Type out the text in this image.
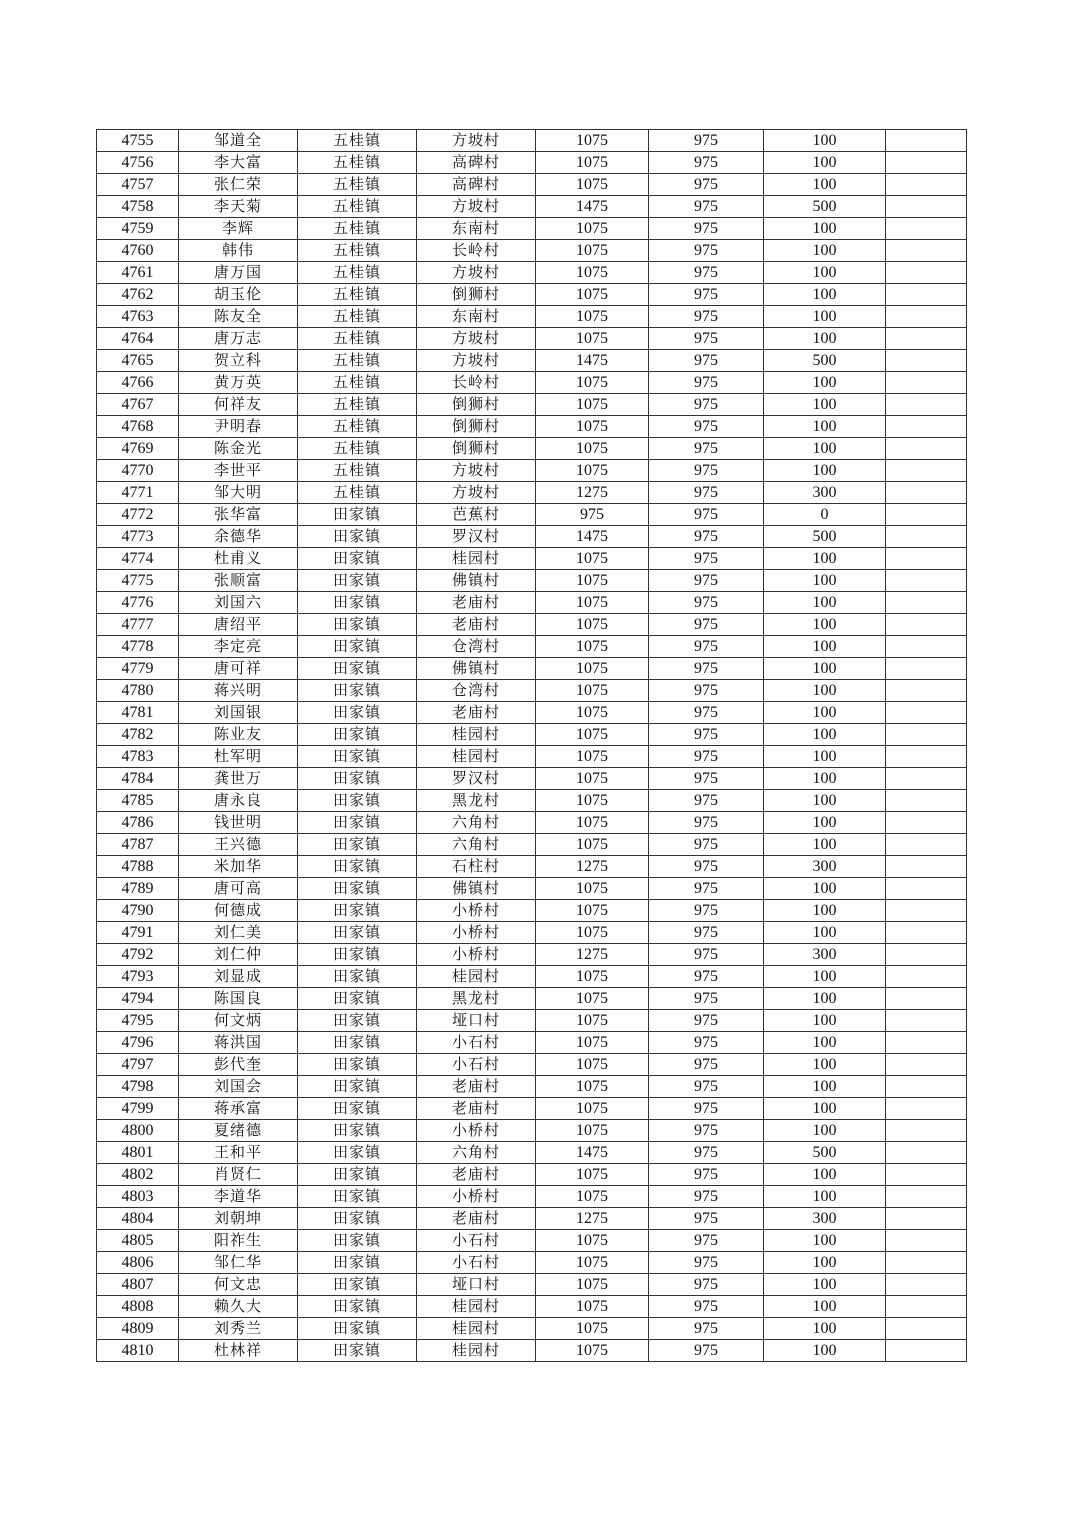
4755	邹道全	五桂镇	方坡村	1075	975	100	
4756	李大富	五桂镇	高碑村	1075	975	100	
4757	张仁荣	五桂镇	高碑村	1075	975	100	
4758	李天菊	五桂镇	方坡村	1475	975	500	
4759	李辉	五桂镇	东南村	1075	975	100	
4760	韩伟	五桂镇	长岭村	1075	975	100	
4761	唐万国	五桂镇	方坡村	1075	975	100	
4762	胡玉伦	五桂镇	倒狮村	1075	975	100	
4763	陈友全	五桂镇	东南村	1075	975	100	
4764	唐万志	五桂镇	方坡村	1075	975	100	
4765	贺立科	五桂镇	方坡村	1475	975	500	
4766	黄万英	五桂镇	长岭村	1075	975	100	
4767	何祥友	五桂镇	倒狮村	1075	975	100	
4768	尹明春	五桂镇	倒狮村	1075	975	100	
4769	陈金光	五桂镇	倒狮村	1075	975	100	
4770	李世平	五桂镇	方坡村	1075	975	100	
4771	邹大明	五桂镇	方坡村	1275	975	300	
4772	张华富	田家镇	芭蕉村	975	975	0	
4773	余德华	田家镇	罗汉村	1475	975	500	
4774	杜甫义	田家镇	桂园村	1075	975	100	
4775	张顺富	田家镇	佛镇村	1075	975	100	
4776	刘国六	田家镇	老庙村	1075	975	100	
4777	唐绍平	田家镇	老庙村	1075	975	100	
4778	李定亮	田家镇	仓湾村	1075	975	100	
4779	唐可祥	田家镇	佛镇村	1075	975	100	
4780	蒋兴明	田家镇	仓湾村	1075	975	100	
4781	刘国银	田家镇	老庙村	1075	975	100	
4782	陈业友	田家镇	桂园村	1075	975	100	
4783	杜军明	田家镇	桂园村	1075	975	100	
4784	龚世万	田家镇	罗汉村	1075	975	100	
4785	唐永良	田家镇	黑龙村	1075	975	100	
4786	钱世明	田家镇	六角村	1075	975	100	
4787	王兴德	田家镇	六角村	1075	975	100	
4788	米加华	田家镇	石柱村	1275	975	300	
4789	唐可高	田家镇	佛镇村	1075	975	100	
4790	何德成	田家镇	小桥村	1075	975	100	
4791	刘仁美	田家镇	小桥村	1075	975	100	
4792	刘仁仲	田家镇	小桥村	1275	975	300	
4793	刘显成	田家镇	桂园村	1075	975	100	
4794	陈国良	田家镇	黑龙村	1075	975	100	
4795	何文炳	田家镇	垭口村	1075	975	100	
4796	蒋洪国	田家镇	小石村	1075	975	100	
4797	彭代奎	田家镇	小石村	1075	975	100	
4798	刘国会	田家镇	老庙村	1075	975	100	
4799	蒋承富	田家镇	老庙村	1075	975	100	
4800	夏绪德	田家镇	小桥村	1075	975	100	
4801	王和平	田家镇	六角村	1475	975	500	
4802	肖贤仁	田家镇	老庙村	1075	975	100	
4803	李道华	田家镇	小桥村	1075	975	100	
4804	刘朝坤	田家镇	老庙村	1275	975	300	
4805	阳祚生	田家镇	小石村	1075	975	100	
4806	邹仁华	田家镇	小石村	1075	975	100	
4807	何文忠	田家镇	垭口村	1075	975	100	
4808	赖久大	田家镇	桂园村	1075	975	100	
4809	刘秀兰	田家镇	桂园村	1075	975	100	
4810	杜林祥	田家镇	桂园村	1075	975	100	
